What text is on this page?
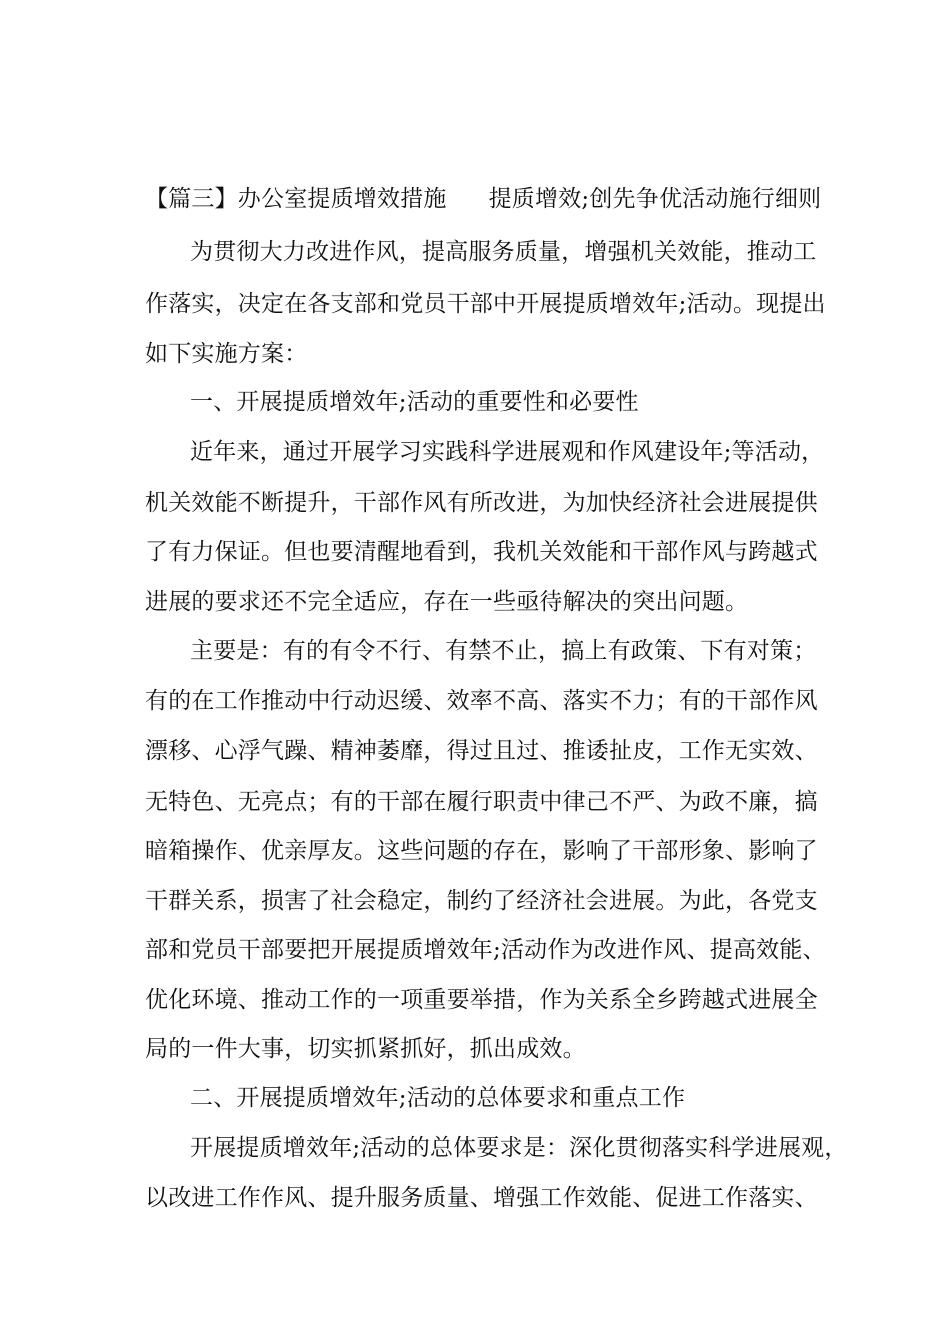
【篇三】办公室提质增效措施 提质增效;创先争优活动施行细则
为贯彻大力改进作风，提高服务质量，增强机关效能，推动工
作落实，决定在各支部和党员干部中开展提质增效年;活动。现提出
如下实施方案：
一、开展提质增效年;活动的重要性和必要性
近年来，通过开展学习实践科学进展观和作风建设年;等活动，
机关效能不断提升，干部作风有所改进，为加快经济社会进展提供
了有力保证。但也要清醒地看到，我机关效能和干部作风与跨越式
进展的要求还不完全适应，存在一些亟待解决的突出问题。
主要是：有的有令不行、有禁不止，搞上有政策、下有对策；
有的在工作推动中行动迟缓、效率不高、落实不力；有的干部作风
漂移、心浮气躁、精神萎靡，得过且过、推诿扯皮，工作无实效、
无特色、无亮点；有的干部在履行职责中律己不严、为政不廉，搞
暗箱操作、优亲厚友。这些问题的存在，影响了干部形象、影响了
干群关系，损害了社会稳定，制约了经济社会进展。为此，各党支
部和党员干部要把开展提质增效年;活动作为改进作风、提高效能、
优化环境、推动工作的一项重要举措，作为关系全乡跨越式进展全
局的一件大事，切实抓紧抓好，抓出成效。
二、开展提质增效年;活动的总体要求和重点工作
开展提质增效年;活动的总体要求是：深化贯彻落实科学进展观，
以改进工作作风、提升服务质量、增强工作效能、促进工作落实、
